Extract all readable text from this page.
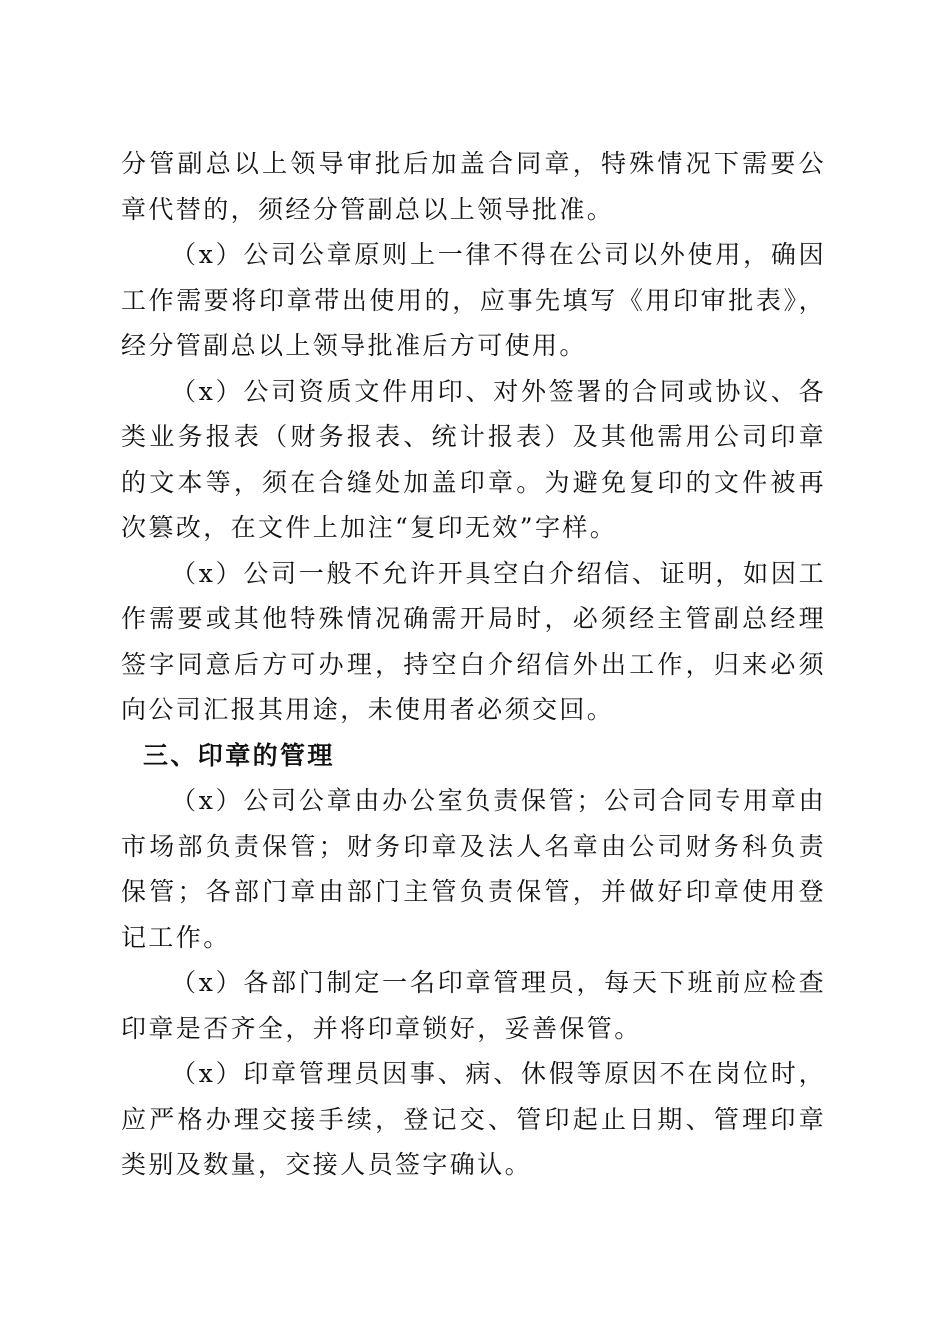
分管副总以上领导审批后加盖合同章，特殊情况下需要公章代替的，须经分管副总以上领导批准。

（x）公司公章原则上一律不得在公司以外使用，确因工作需要将印章带出使用的，应事先填写《用印审批表》，经分管副总以上领导批准后方可使用。

（x）公司资质文件用印、对外签署的合同或协议、各类业务报表（财务报表、统计报表）及其他需用公司印章的文本等，须在合缝处加盖印章。为避免复印的文件被再次篡改，在文件上加注“复印无效”字样。

（x）公司一般不允许开具空白介绍信、证明，如因工作需要或其他特殊情况确需开局时，必须经主管副总经理签字同意后方可办理，持空白介绍信外出工作，归来必须向公司汇报其用途，未使用者必须交回。

三、印章的管理

（x）公司公章由办公室负责保管；公司合同专用章由市场部负责保管；财务印章及法人名章由公司财务科负责保管；各部门章由部门主管负责保管，并做好印章使用登记工作。

（x）各部门制定一名印章管理员，每天下班前应检查印章是否齐全，并将印章锁好，妥善保管。

（x）印章管理员因事、病、休假等原因不在岗位时，应严格办理交接手续，登记交、管印起止日期、管理印章类别及数量，交接人员签字确认。
